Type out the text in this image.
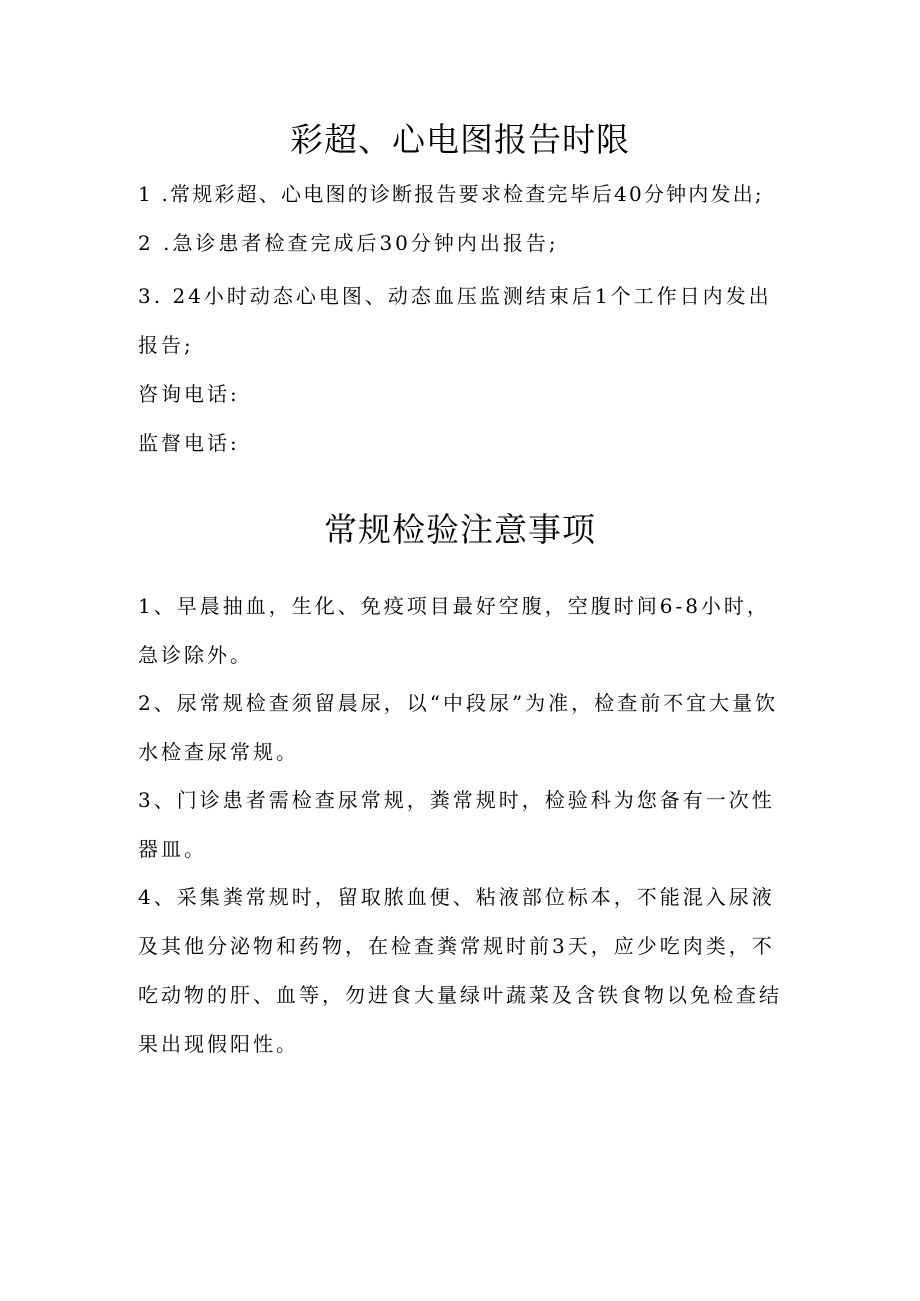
彩超、心电图报告时限

1 .常规彩超、心电图的诊断报告要求检查完毕后40分钟内发出;

2 .急诊患者检查完成后30分钟内出报告;

3. 24小时动态心电图、动态血压监测结束后1个工作日内发出报告;

咨询电话:

监督电话:

常规检验注意事项

1、早晨抽血，生化、免疫项目最好空腹，空腹时间6-8小时，急诊除外。

2、尿常规检查须留晨尿，以“中段尿”为准，检查前不宜大量饮水检查尿常规。

3、门诊患者需检查尿常规，粪常规时，检验科为您备有一次性器皿。

4、采集粪常规时，留取脓血便、粘液部位标本，不能混入尿液及其他分泌物和药物，在检查粪常规时前3天，应少吃肉类，不吃动物的肝、血等，勿进食大量绿叶蔬菜及含铁食物以免检查结果出现假阳性。
